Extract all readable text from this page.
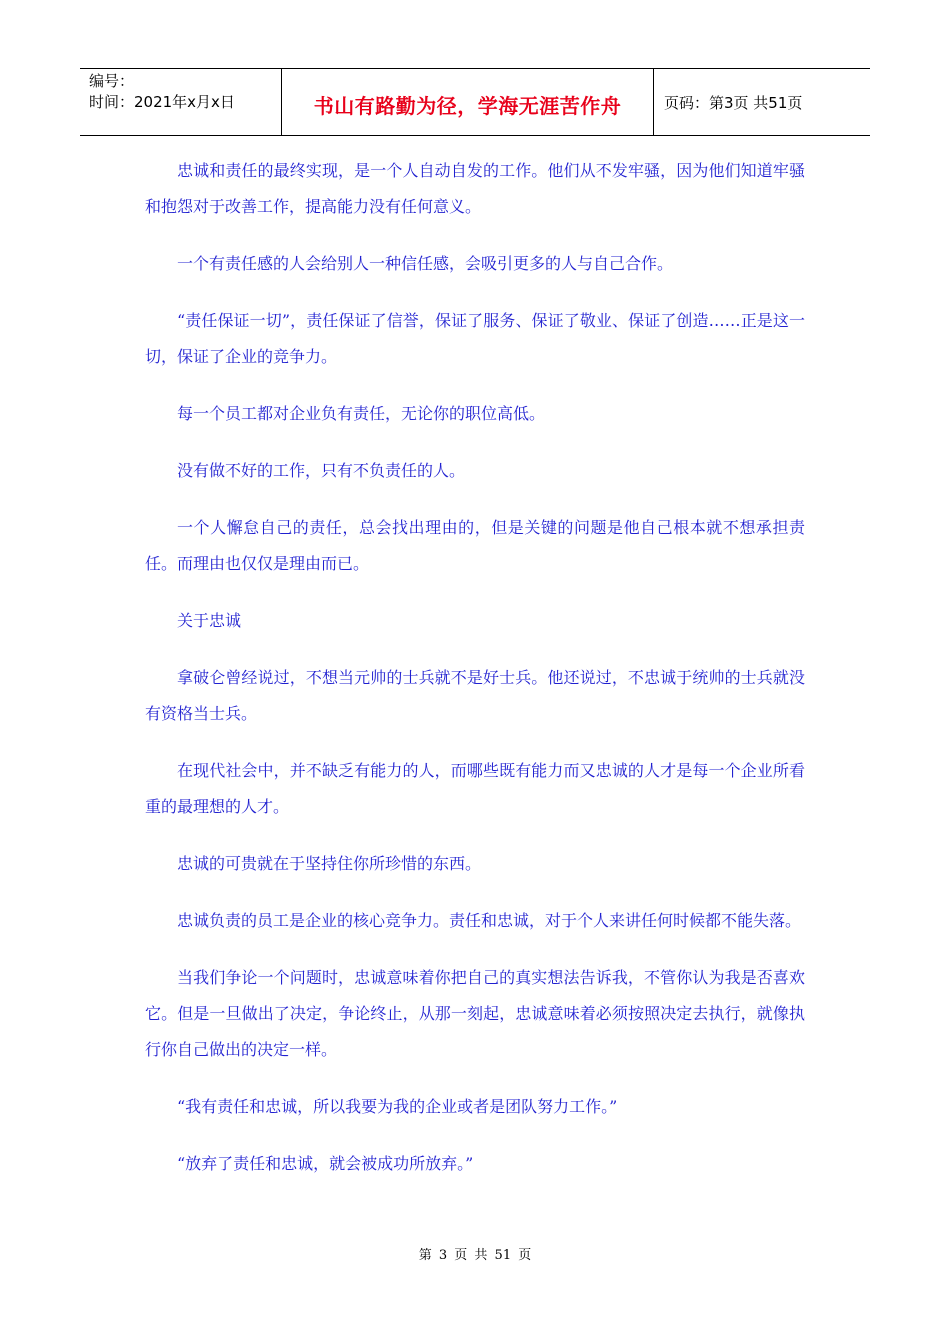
编号：
时间：2021年x月x日	书山有路勤为径，学海无涯苦作舟	页码：第3页 共51页

忠诚和责任的最终实现，是一个人自动自发的工作。他们从不发牢骚，因为他们知道牢骚和抱怨对于改善工作，提高能力没有任何意义。

一个有责任感的人会给别人一种信任感，会吸引更多的人与自己合作。

“责任保证一切”，责任保证了信誉，保证了服务、保证了敬业、保证了创造……正是这一切，保证了企业的竞争力。

每一个员工都对企业负有责任，无论你的职位高低。

没有做不好的工作，只有不负责任的人。

一个人懈怠自己的责任，总会找出理由的，但是关键的问题是他自己根本就不想承担责任。而理由也仅仅是理由而已。

关于忠诚

拿破仑曾经说过，不想当元帅的士兵就不是好士兵。他还说过，不忠诚于统帅的士兵就没有资格当士兵。

在现代社会中，并不缺乏有能力的人，而哪些既有能力而又忠诚的人才是每一个企业所看重的最理想的人才。

忠诚的可贵就在于坚持住你所珍惜的东西。

忠诚负责的员工是企业的核心竞争力。责任和忠诚，对于个人来讲任何时候都不能失落。

当我们争论一个问题时，忠诚意味着你把自己的真实想法告诉我，不管你认为我是否喜欢它。但是一旦做出了决定，争论终止，从那一刻起，忠诚意味着必须按照决定去执行，就像执行你自己做出的决定一样。

“我有责任和忠诚，所以我要为我的企业或者是团队努力工作。”

“放弃了责任和忠诚，就会被成功所放弃。”

第 3 页 共 51 页
